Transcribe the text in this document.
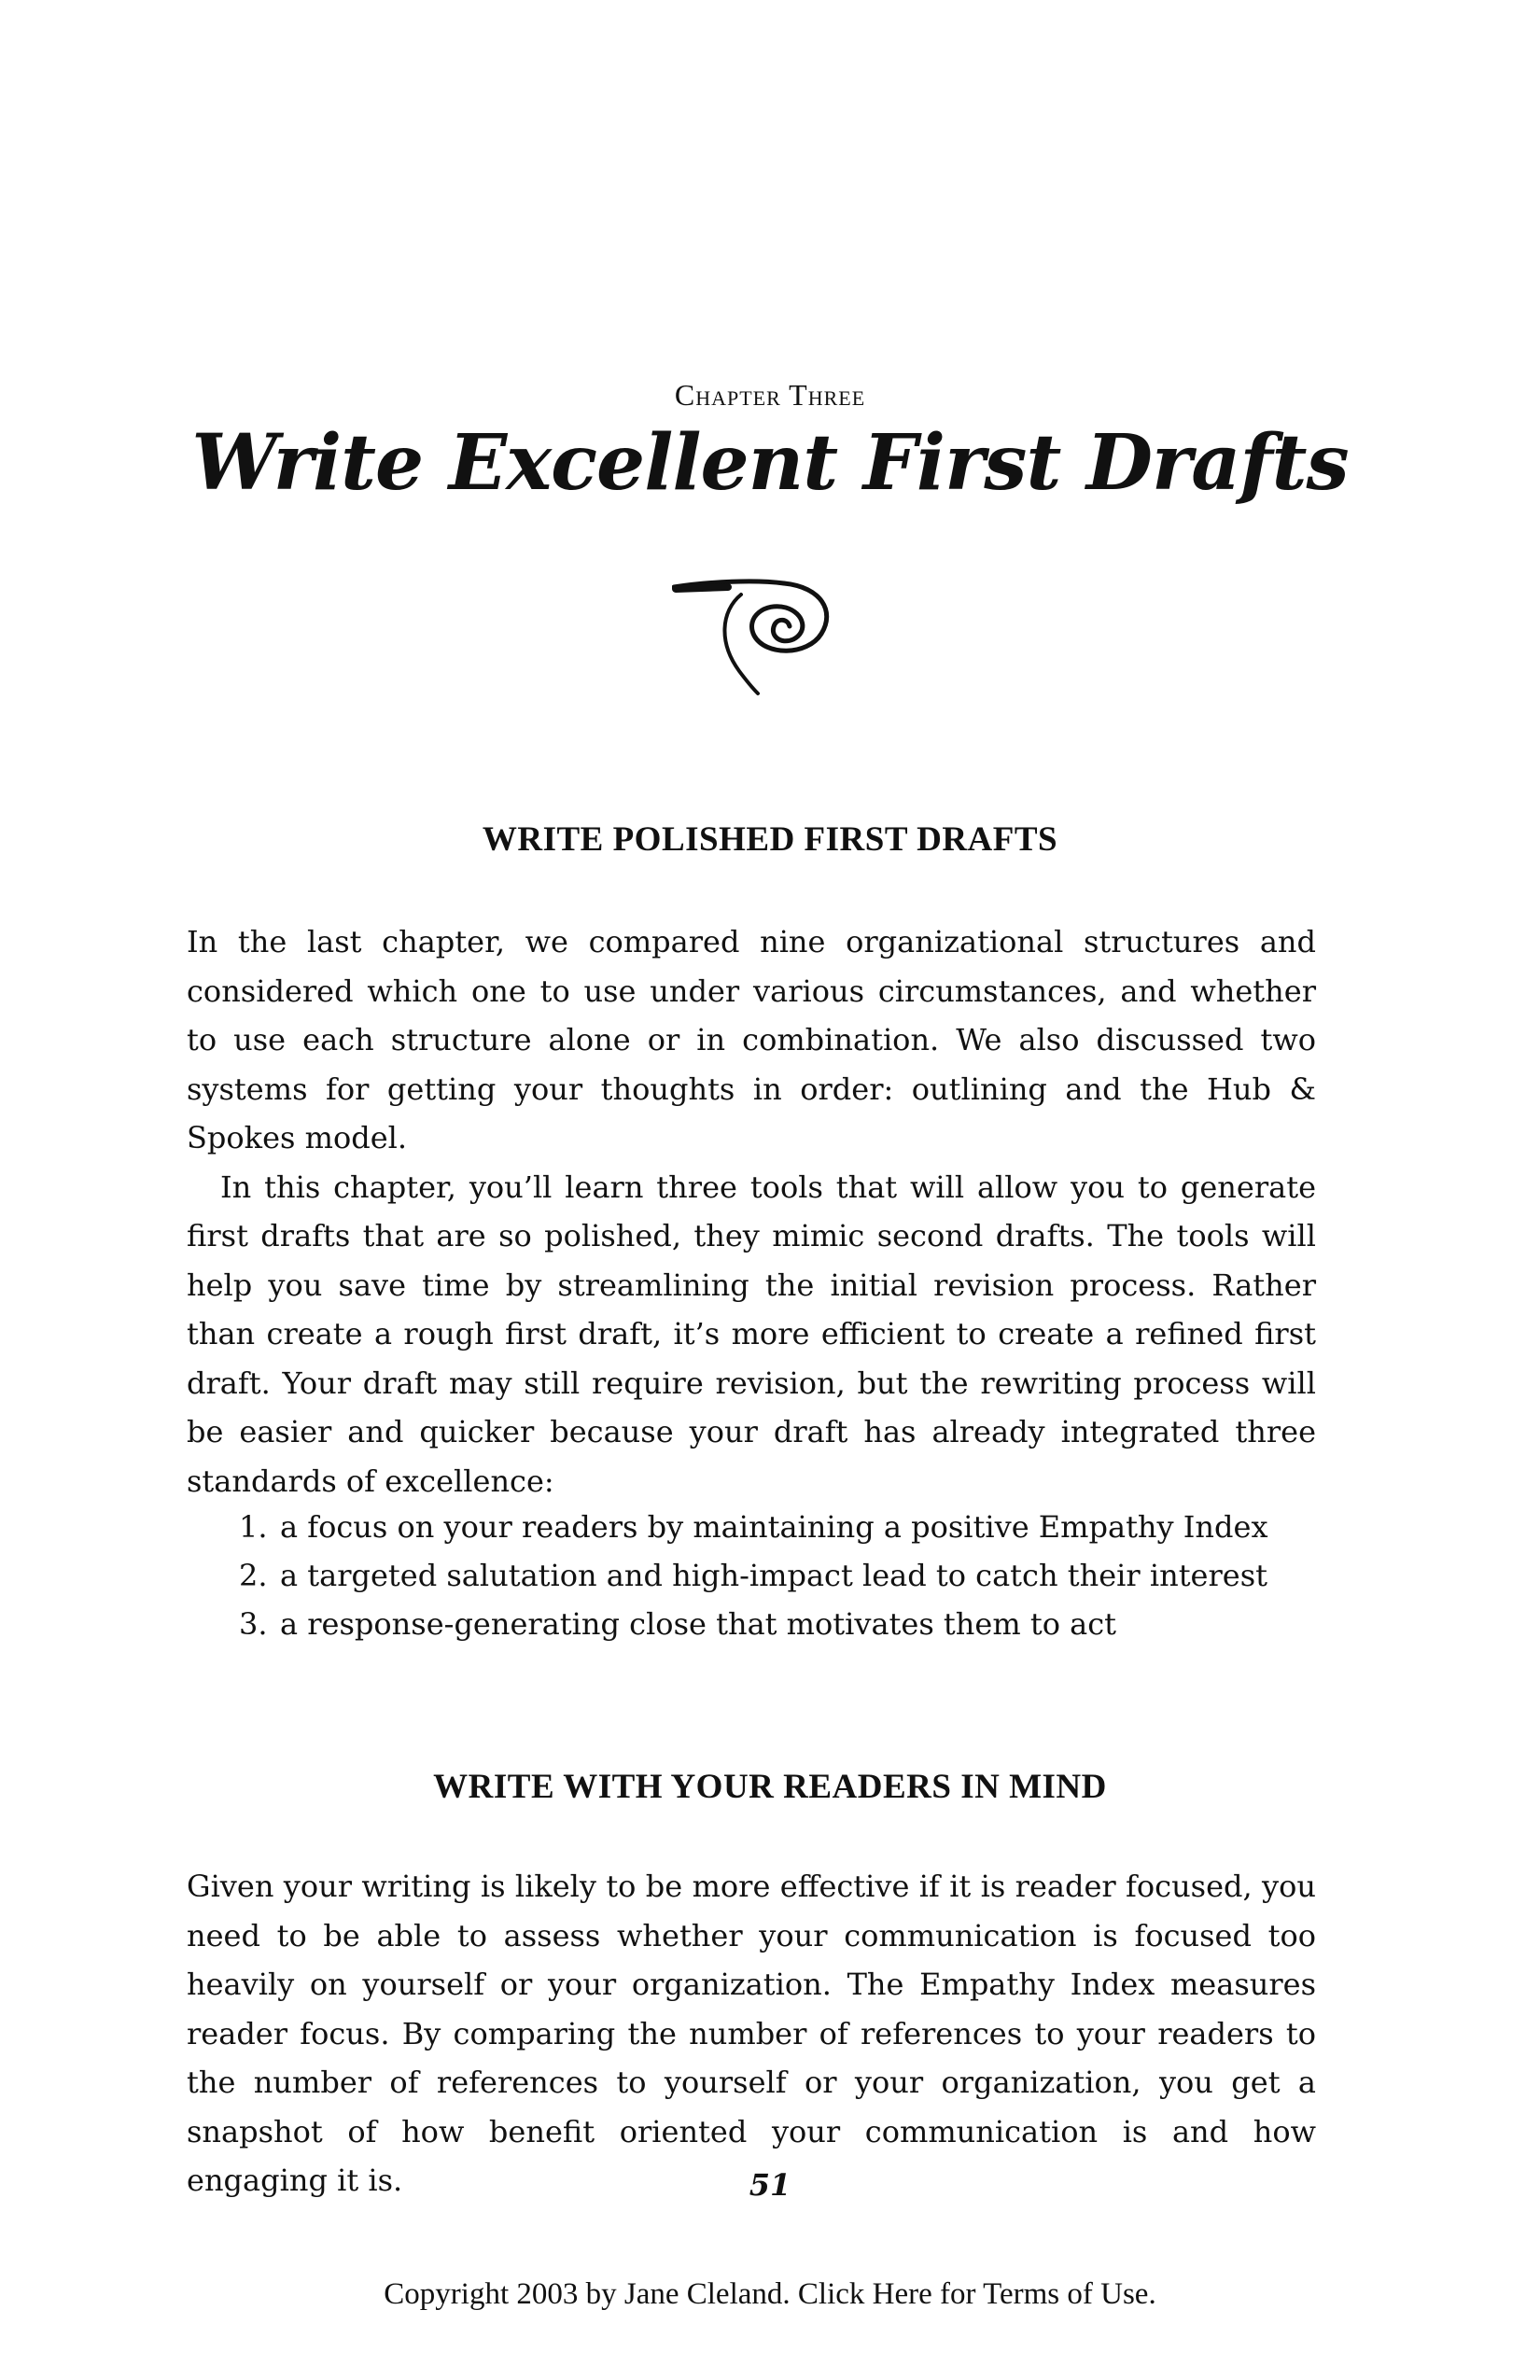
Chapter Three
Write Excellent First Drafts
WRITE POLISHED FIRST DRAFTS

In the last chapter, we compared nine organizational structures and considered which one to use under various circumstances, and whether to use each structure alone or in combination. We also discussed two systems for getting your thoughts in order: outlining and the Hub & Spokes model.

In this chapter, you’ll learn three tools that will allow you to generate first drafts that are so polished, they mimic second drafts. The tools will help you save time by streamlining the initial revision process. Rather than create a rough first draft, it’s more efficient to create a refined first draft. Your draft may still require revision, but the rewriting process will be easier and quicker because your draft has already integrated three standards of excellence:

1. a focus on your readers by maintaining a positive Empathy Index
2. a targeted salutation and high-impact lead to catch their interest
3. a response-generating close that motivates them to act
WRITE WITH YOUR READERS IN MIND

Given your writing is likely to be more effective if it is reader focused, you need to be able to assess whether your communication is focused too heavily on yourself or your organization. The Empathy Index measures reader focus. By comparing the number of references to your readers to the number of references to yourself or your organization, you get a snapshot of how benefit oriented your communication is and how engaging it is.	51
Copyright 2003 by Jane Cleland. Click Here for Terms of Use.
